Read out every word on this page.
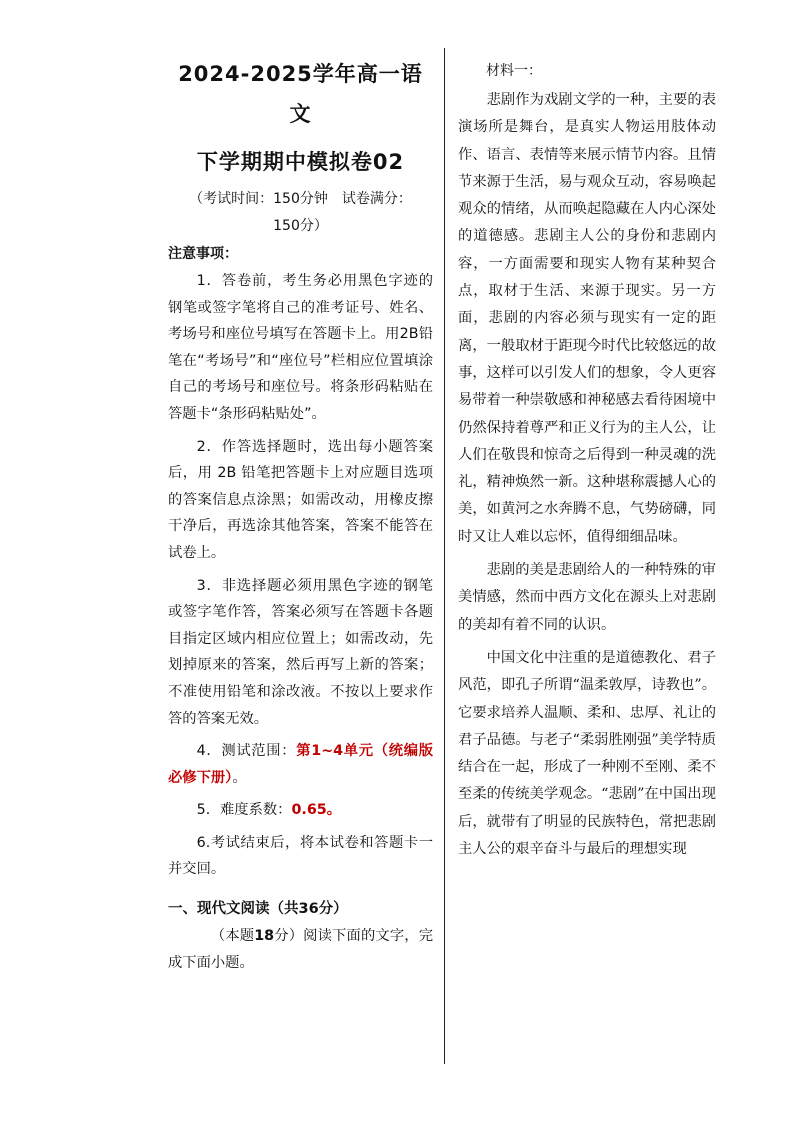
2024-2025学年高一语文
下学期期中模拟卷02
（考试时间：150分钟　试卷满分：
150分）
注意事项：

1．答卷前，考生务必用黑色字迹的钢笔或签字笔将自己的准考证号、姓名、考场号和座位号填写在答题卡上。用2B铅笔在“考场号”和“座位号”栏相应位置填涂自己的考场号和座位号。将条形码粘贴在答题卡“条形码粘贴处”。

2．作答选择题时，选出每小题答案后，用 2B 铅笔把答题卡上对应题目选项的答案信息点涂黑；如需改动，用橡皮擦干净后，再选涂其他答案，答案不能答在试卷上。

3．非选择题必须用黑色字迹的钢笔或签字笔作答，答案必须写在答题卡各题目指定区域内相应位置上；如需改动，先划掉原来的答案，然后再写上新的答案；不准使用铅笔和涂改液。不按以上要求作答的答案无效。

4．测试范围：第1~4单元（统编版必修下册）。

5．难度系数：0.65。

6.考试结束后，将本试卷和答题卡一并交回。

一、现代文阅读（共36分）

（本题18分）阅读下面的文字，完成下面小题。

材料一：

悲剧作为戏剧文学的一种，主要的表演场所是舞台，是真实人物运用肢体动作、语言、表情等来展示情节内容。且情节来源于生活，易与观众互动，容易唤起观众的情绪，从而唤起隐藏在人内心深处的道德感。悲剧主人公的身份和悲剧内容，一方面需要和现实人物有某种契合点，取材于生活、来源于现实。另一方面，悲剧的内容必须与现实有一定的距离，一般取材于距现今时代比较悠远的故事，这样可以引发人们的想象，令人更容易带着一种崇敬感和神秘感去看待困境中仍然保持着尊严和正义行为的主人公，让人们在敬畏和惊奇之后得到一种灵魂的洗礼，精神焕然一新。这种堪称震撼人心的美，如黄河之水奔腾不息，气势磅礴，同时又让人难以忘怀，值得细细品味。

悲剧的美是悲剧给人的一种特殊的审美情感，然而中西方文化在源头上对悲剧的美却有着不同的认识。

中国文化中注重的是道德教化、君子风范，即孔子所谓“温柔敦厚，诗教也”。它要求培养人温顺、柔和、忠厚、礼让的君子品德。与老子“柔弱胜刚强”美学特质结合在一起，形成了一种刚不至刚、柔不至柔的传统美学观念。“悲剧”在中国出现后，就带有了明显的民族特色，常把悲剧主人公的艰辛奋斗与最后的理想实现
